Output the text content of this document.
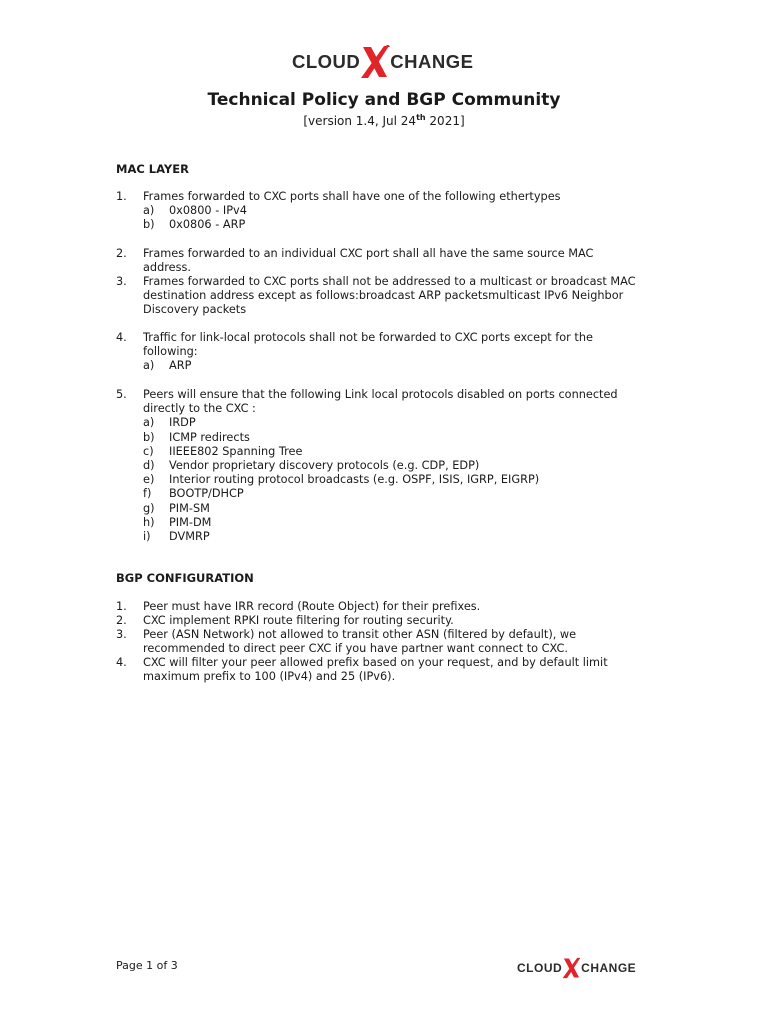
CLOUD CHANGE
Technical Policy and BGP Community
[version 1.4, Jul 24th 2021]
MAC LAYER
1. Frames forwarded to CXC ports shall have one of the following ethertypes
a) 0x0800 - IPv4
b) 0x0806 - ARP
2. Frames forwarded to an individual CXC port shall all have the same source MAC address.
3. Frames forwarded to CXC ports shall not be addressed to a multicast or broadcast MAC destination address except as follows:broadcast ARP packetsmulticast IPv6 Neighbor Discovery packets
4. Traffic for link-local protocols shall not be forwarded to CXC ports except for the following:
a) ARP
5. Peers will ensure that the following Link local protocols disabled on ports connected directly to the CXC :
a) IRDP
b) ICMP redirects
c) IIEEE802 Spanning Tree
d) Vendor proprietary discovery protocols (e.g. CDP, EDP)
e) Interior routing protocol broadcasts (e.g. OSPF, ISIS, IGRP, EIGRP)
f) BOOTP/DHCP
g) PIM-SM
h) PIM-DM
i) DVMRP
BGP CONFIGURATION
1. Peer must have IRR record (Route Object) for their prefixes.
2. CXC implement RPKI route filtering for routing security.
3. Peer (ASN Network) not allowed to transit other ASN (filtered by default), we recommended to direct peer CXC if you have partner want connect to CXC.
4. CXC will filter your peer allowed prefix based on your request, and by default limit maximum prefix to 100 (IPv4) and 25 (IPv6).
Page 1 of 3	CLOUD CHANGE
